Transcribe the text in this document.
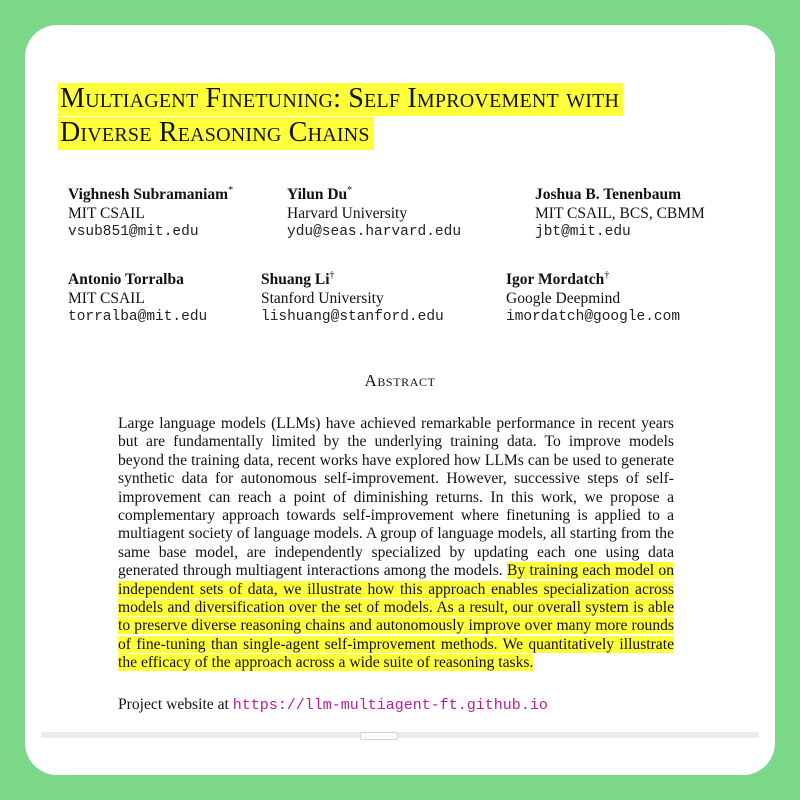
Multiagent Finetuning: Self Improvement with
Diverse Reasoning Chains
Vighnesh Subramaniam*
MIT CSAIL
vsub851@mit.edu
Yilun Du*
Harvard University
ydu@seas.harvard.edu
Joshua B. Tenenbaum
MIT CSAIL, BCS, CBMM
jbt@mit.edu
Antonio Torralba
MIT CSAIL
torralba@mit.edu
Shuang Li†
Stanford University
lishuang@stanford.edu
Igor Mordatch†
Google Deepmind
imordatch@google.com
Abstract

Large language models (LLMs) have achieved remarkable performance in recent years but are fundamentally limited by the underlying training data. To improve models beyond the training data, recent works have explored how LLMs can be used to generate synthetic data for autonomous self-improvement. However, successive steps of self-improvement can reach a point of diminishing returns. In this work, we propose a complementary approach towards self-improvement where finetuning is applied to a multiagent society of language models. A group of language models, all starting from the same base model, are independently specialized by updating each one using data generated through multiagent interactions among the models. By training each model on independent sets of data, we illustrate how this approach enables specialization across models and diversification over the set of models. As a result, our overall system is able to preserve diverse reasoning chains and autonomously improve over many more rounds of fine-tuning than single-agent self-improvement methods. We quantitatively illustrate the efficacy of the approach across a wide suite of reasoning tasks.

Project website at https://llm-multiagent-ft.github.io
